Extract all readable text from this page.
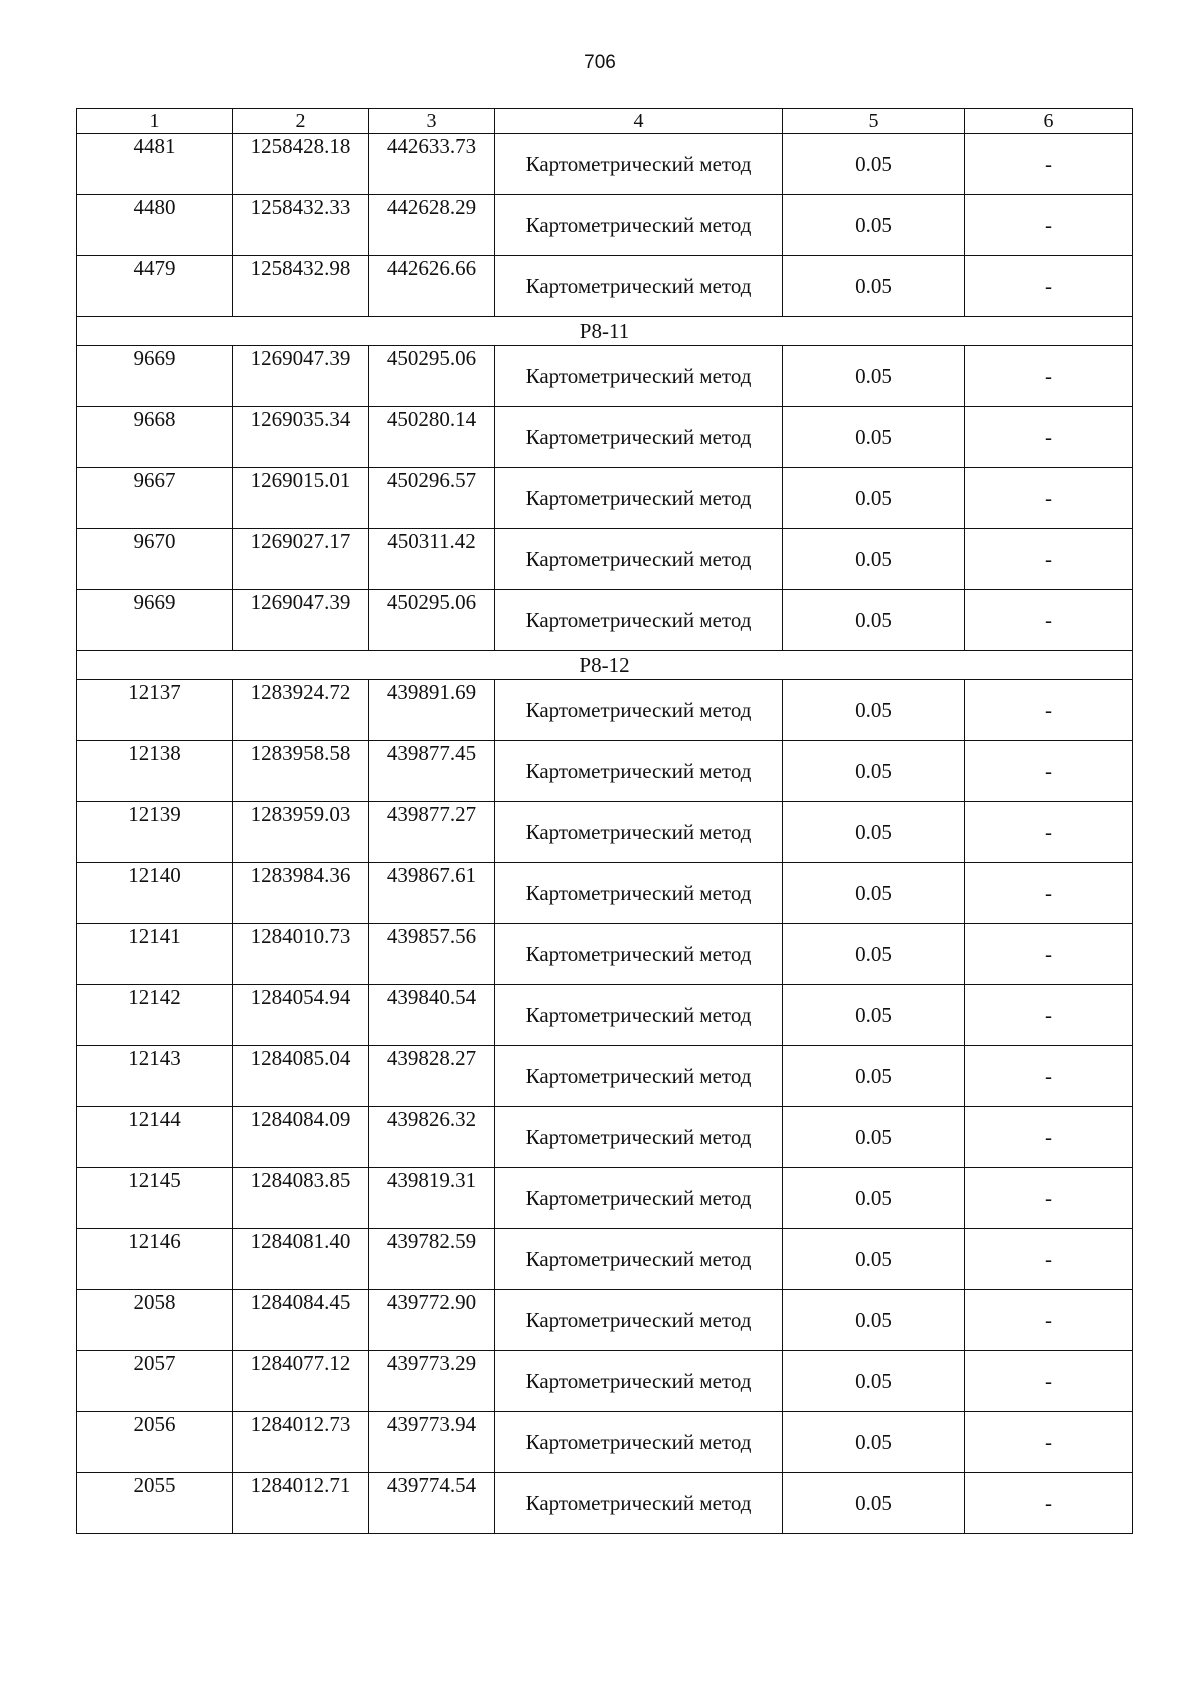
706
1	2	3	4	5	6
4481	1258428.18	442633.73	Картометрический метод	0.05	-
4480	1258432.33	442628.29	Картометрический метод	0.05	-
4479	1258432.98	442626.66	Картометрический метод	0.05	-
Р8-11					
9669	1269047.39	450295.06	Картометрический метод	0.05	-
9668	1269035.34	450280.14	Картометрический метод	0.05	-
9667	1269015.01	450296.57	Картометрический метод	0.05	-
9670	1269027.17	450311.42	Картометрический метод	0.05	-
9669	1269047.39	450295.06	Картометрический метод	0.05	-
Р8-12					
12137	1283924.72	439891.69	Картометрический метод	0.05	-
12138	1283958.58	439877.45	Картометрический метод	0.05	-
12139	1283959.03	439877.27	Картометрический метод	0.05	-
12140	1283984.36	439867.61	Картометрический метод	0.05	-
12141	1284010.73	439857.56	Картометрический метод	0.05	-
12142	1284054.94	439840.54	Картометрический метод	0.05	-
12143	1284085.04	439828.27	Картометрический метод	0.05	-
12144	1284084.09	439826.32	Картометрический метод	0.05	-
12145	1284083.85	439819.31	Картометрический метод	0.05	-
12146	1284081.40	439782.59	Картометрический метод	0.05	-
2058	1284084.45	439772.90	Картометрический метод	0.05	-
2057	1284077.12	439773.29	Картометрический метод	0.05	-
2056	1284012.73	439773.94	Картометрический метод	0.05	-
2055	1284012.71	439774.54	Картометрический метод	0.05	-
